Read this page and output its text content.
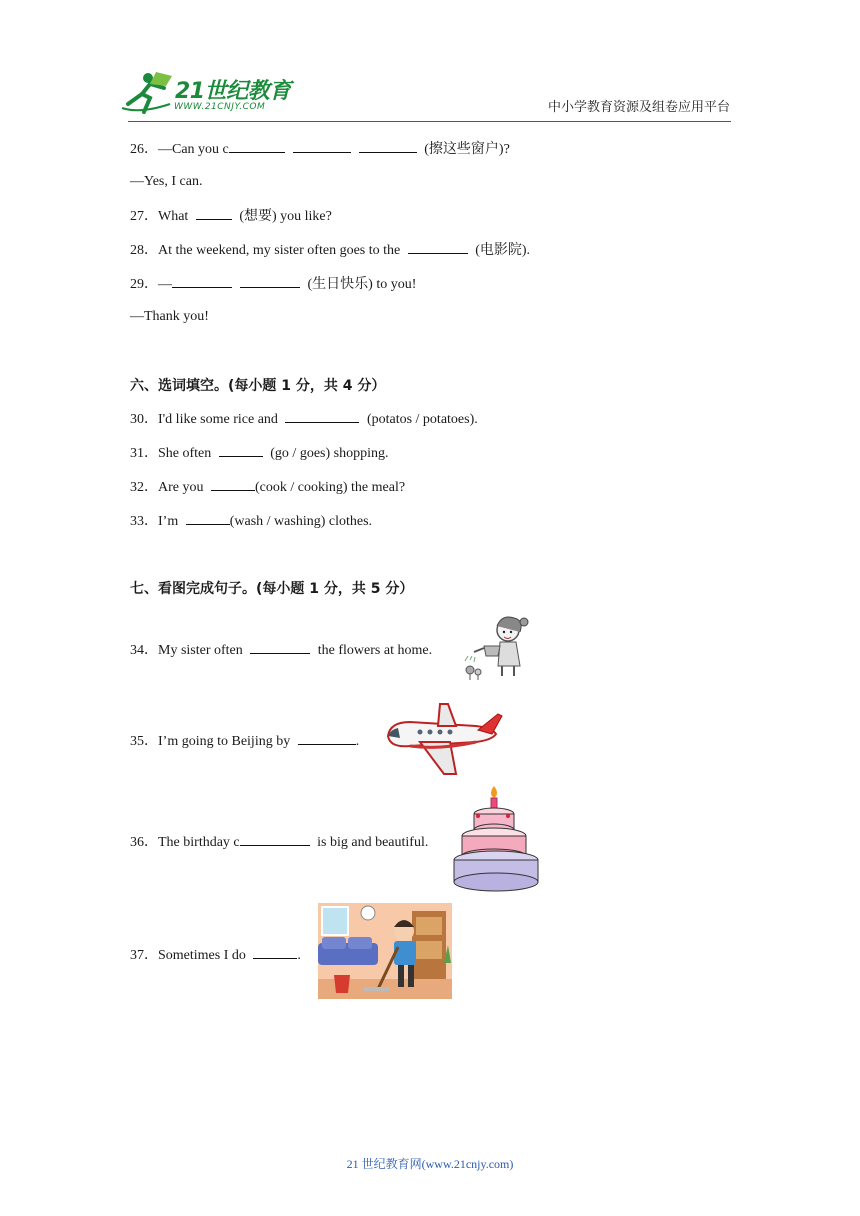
21世纪教育
WWW.21CNJY.COM	中小学教育资源及组卷应用平台
26．—Can you c	(擦这些窗户)?
—Yes, I can.
27．What	(想要) you like?
28．At the weekend, my sister often goes to the	(电影院).
29．—	(生日快乐) to you!
—Thank you!
六、选词填空。(每小题 1 分，共 4 分）
30．I'd like some rice and	(potatos / potatoes).
31．She often	(go / goes) shopping.
32．Are you	(cook / cooking) the meal?
33．I’m	(wash / washing) clothes.
七、看图完成句子。(每小题 1 分，共 5 分）
34．My sister often	the flowers at home.
35．I’m going to Beijing by	.
36．The birthday c	is big and beautiful.
37．Sometimes I do	.
21 世纪教育网(www.21cnjy.com)
